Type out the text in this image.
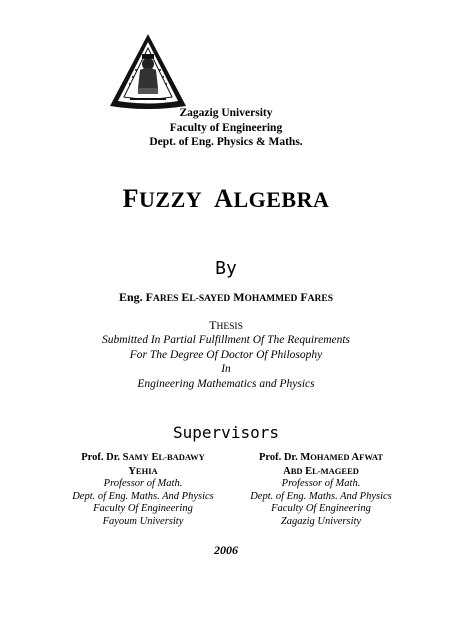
Zagazig University
Faculty of Engineering
Dept. of Eng. Physics & Maths.
FUZZY ALGEBRA
By
Eng. FARES EL-SAYED MOHAMMED FARES
THESIS
Submitted In Partial Fulfillment Of The Requirements
For The Degree Of Doctor Of Philosophy
In
Engineering Mathematics and Physics
Supervisors
Prof. Dr. SAMY EL-BADAWY
YEHIA
Professor of Math.
Dept. of Eng. Maths. And Physics
Faculty Of Engineering
Fayoum University
Prof. Dr. MOHAMED AFWAT
ABD EL-MAGEED
Professor of Math.
Dept. of Eng. Maths. And Physics
Faculty Of Engineering
Zagazig University
2006
